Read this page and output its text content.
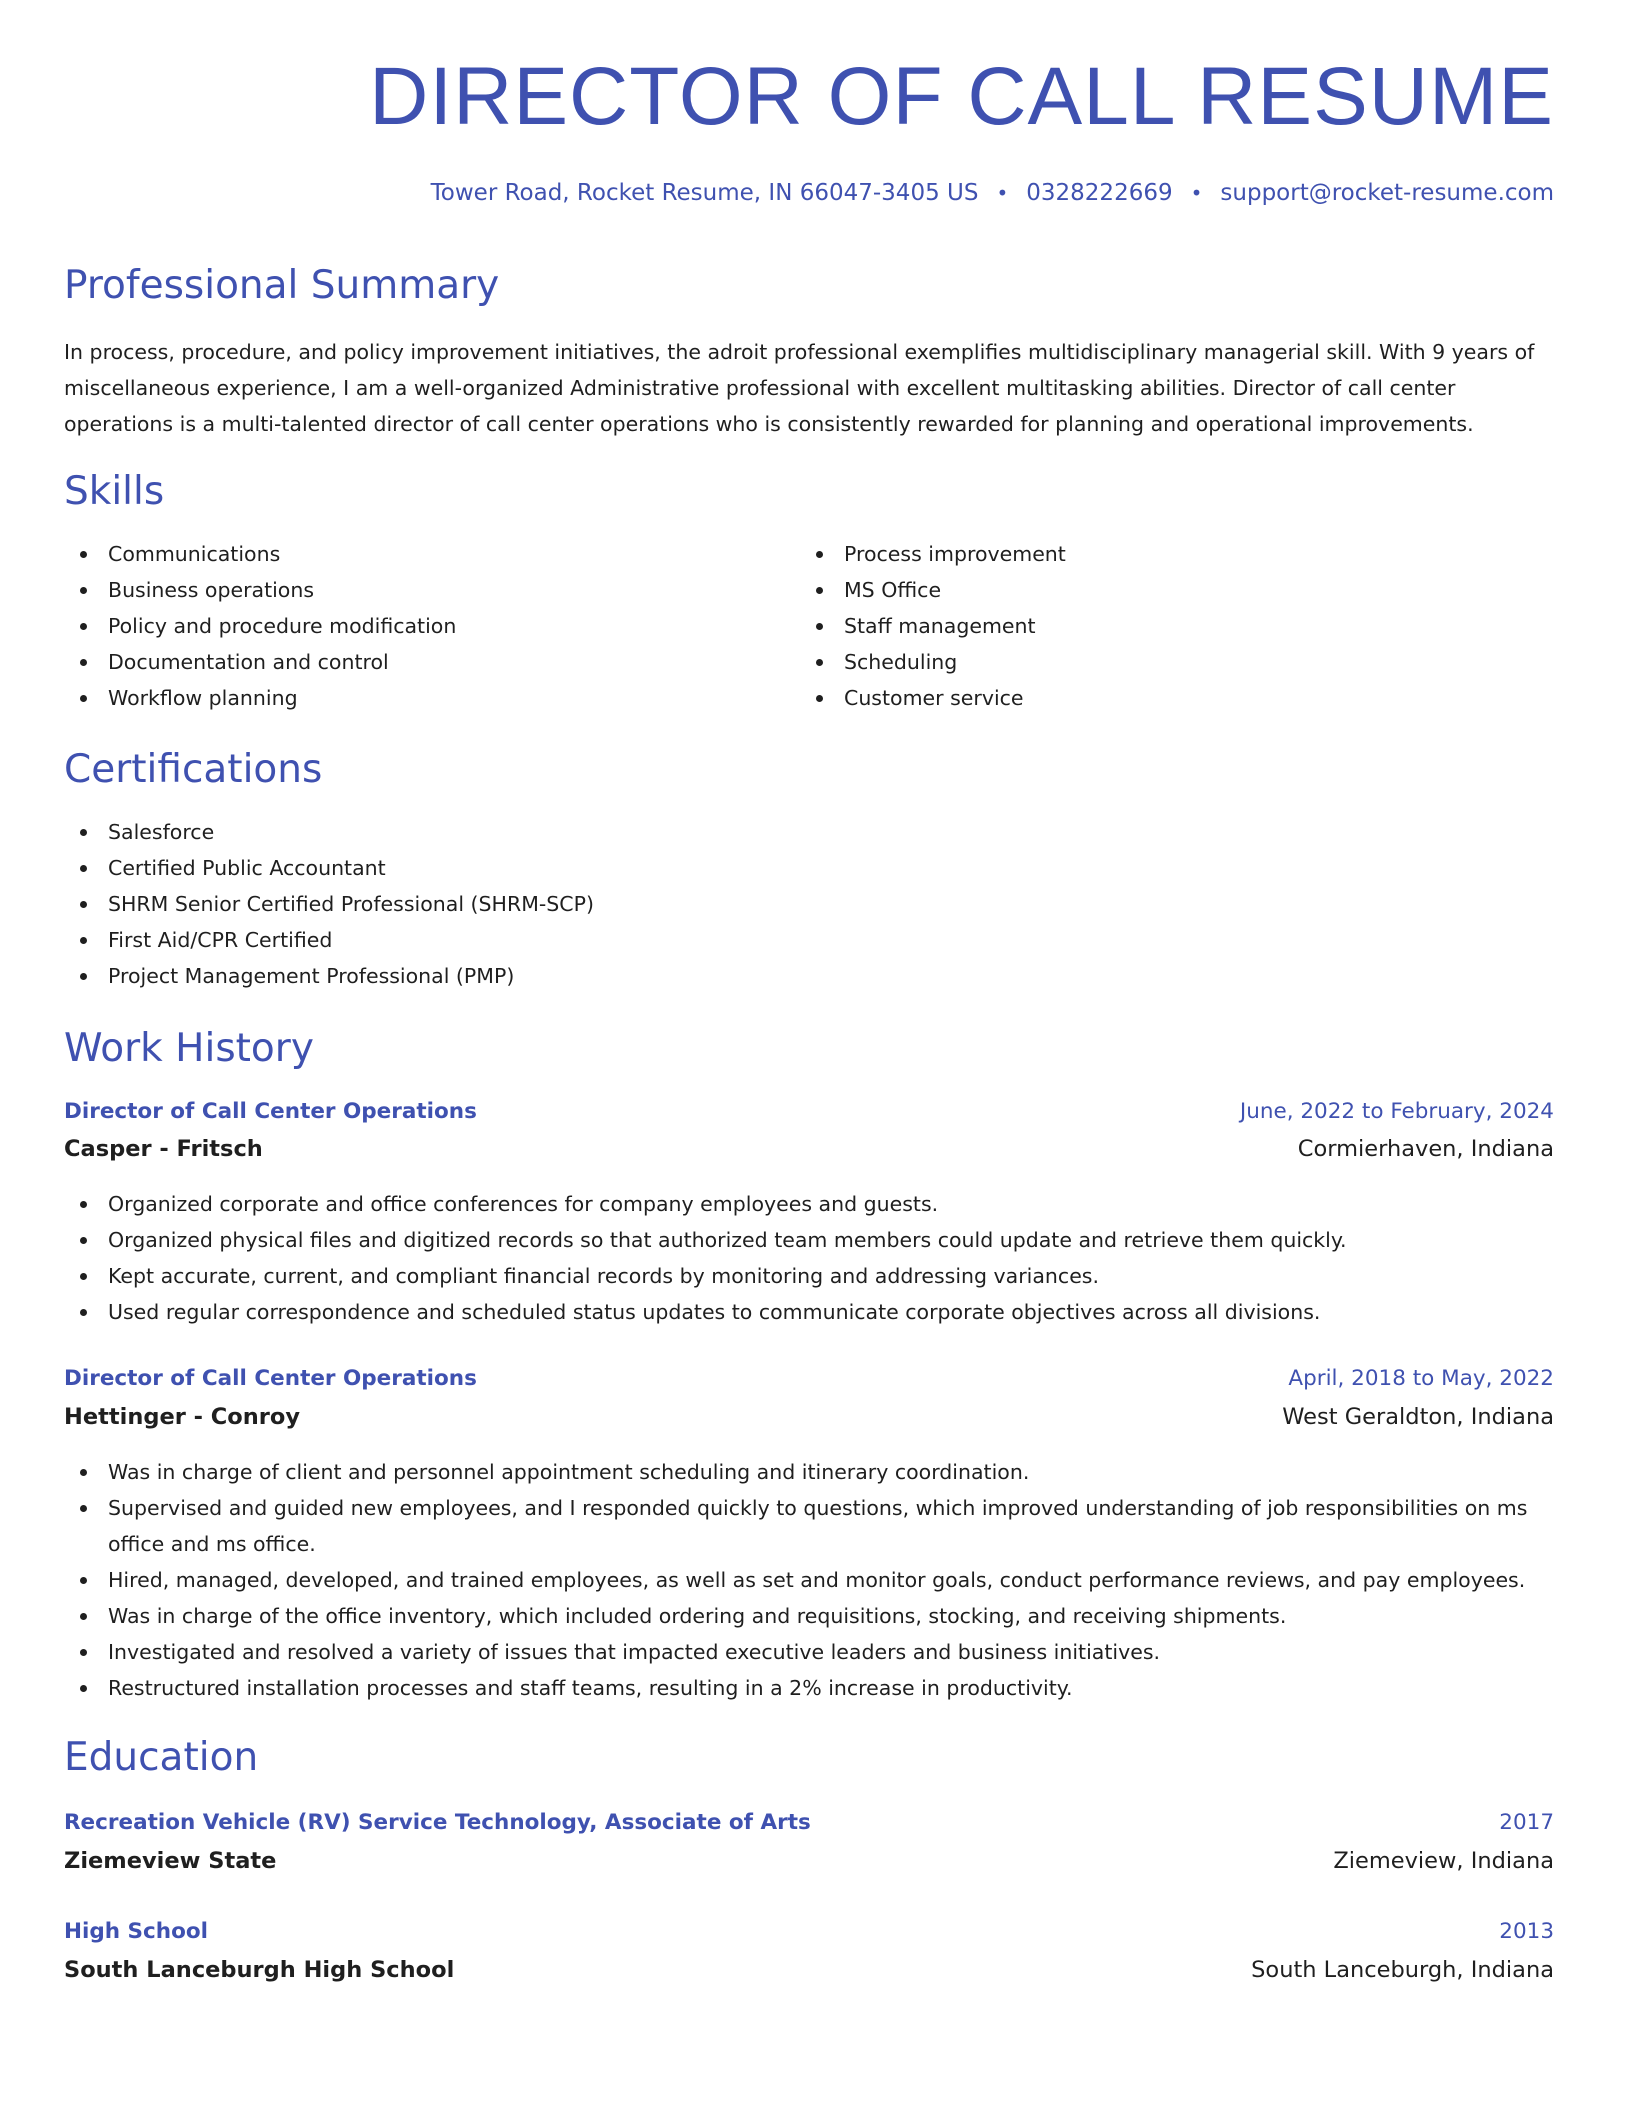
DIRECTOR OF CALL RESUME
Tower Road, Rocket Resume, IN 66047-3405 US • 0328222669 • support@rocket-resume.com
Professional Summary

In process, procedure, and policy improvement initiatives, the adroit professional exemplifies multidisciplinary managerial skill. With 9 years of miscellaneous experience, I am a well-organized Administrative professional with excellent multitasking abilities. Director of call center operations is a multi-talented director of call center operations who is consistently rewarded for planning and operational improvements.

Skills
Communications
Business operations
Policy and procedure modification
Documentation and control
Workflow planning
Process improvement
MS Office
Staff management
Scheduling
Customer service
Certifications
Salesforce
Certified Public Accountant
SHRM Senior Certified Professional (SHRM-SCP)
First Aid/CPR Certified
Project Management Professional (PMP)
Work History
Director of Call Center Operations	June, 2022 to February, 2024
Casper - Fritsch	Cormierhaven, Indiana
Organized corporate and office conferences for company employees and guests.
Organized physical files and digitized records so that authorized team members could update and retrieve them quickly.
Kept accurate, current, and compliant financial records by monitoring and addressing variances.
Used regular correspondence and scheduled status updates to communicate corporate objectives across all divisions.
Director of Call Center Operations	April, 2018 to May, 2022
Hettinger - Conroy	West Geraldton, Indiana
Was in charge of client and personnel appointment scheduling and itinerary coordination.
Supervised and guided new employees, and I responded quickly to questions, which improved understanding of job responsibilities on ms office and ms office.
Hired, managed, developed, and trained employees, as well as set and monitor goals, conduct performance reviews, and pay employees.
Was in charge of the office inventory, which included ordering and requisitions, stocking, and receiving shipments.
Investigated and resolved a variety of issues that impacted executive leaders and business initiatives.
Restructured installation processes and staff teams, resulting in a 2% increase in productivity.
Education
Recreation Vehicle (RV) Service Technology, Associate of Arts	2017
Ziemeview State	Ziemeview, Indiana
High School	2013
South Lanceburgh High School	South Lanceburgh, Indiana
